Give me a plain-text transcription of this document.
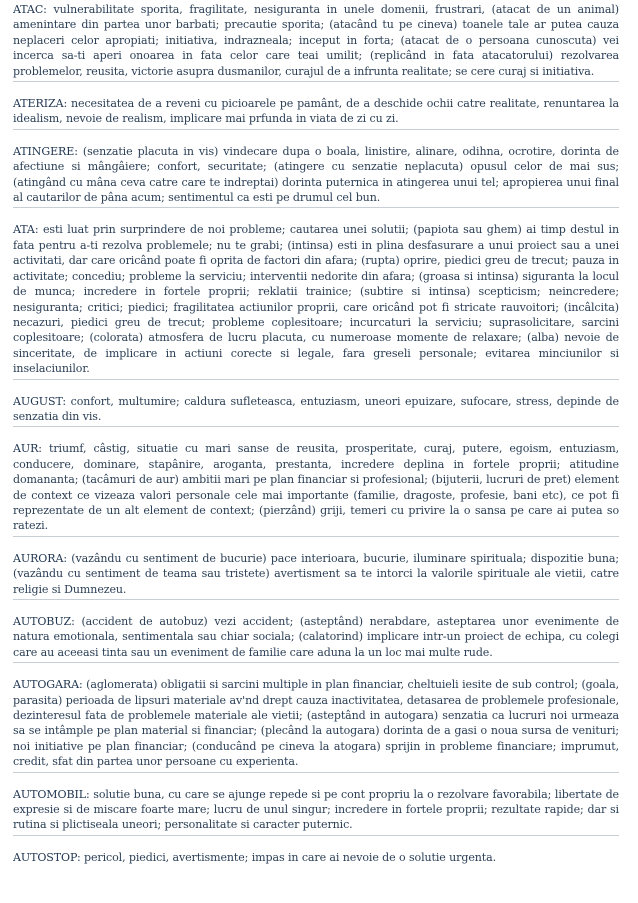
ATAC: vulnerabilitate sporita, fragilitate, nesiguranta in unele domenii, frustrari, (atacat de un animal) amenintare din partea unor barbati; precautie sporita; (atacând tu pe cineva) toanele tale ar putea cauza neplaceri celor apropiati; initiativa, indrazneala; inceput in forta; (atacat de o persoana cunoscuta) vei incerca sa-ti aperi onoarea in fata celor care teai umilit; (replicând in fata atacatorului) rezolvarea problemelor, reusita, victorie asupra dusmanilor, curajul de a infrunta realitate; se cere curaj si initiativa.

ATERIZA: necesitatea de a reveni cu picioarele pe pamânt, de a deschide ochii catre realitate, renuntarea la idealism, nevoie de realism, implicare mai prfunda in viata de zi cu zi.

ATINGERE: (senzatie placuta in vis) vindecare dupa o boala, linistire, alinare, odihna, ocrotire, dorinta de afectiune si mângâiere; confort, securitate; (atingere cu senzatie neplacuta) opusul celor de mai sus; (atingând cu mâna ceva catre care te indreptai) dorinta puternica in atingerea unui tel; apropierea unui final al cautarilor de pâna acum; sentimentul ca esti pe drumul cel bun.

ATA: esti luat prin surprindere de noi probleme; cautarea unei solutii; (papiota sau ghem) ai timp destul in fata pentru a-ti rezolva problemele; nu te grabi; (intinsa) esti in plina desfasurare a unui proiect sau a unei activitati, dar care oricând poate fi oprita de factori din afara; (rupta) oprire, piedici greu de trecut; pauza in activitate; concediu; probleme la serviciu; interventii nedorite din afara; (groasa si intinsa) siguranta la locul de munca; incredere in fortele proprii; reklatii trainice; (subtire si intinsa) scepticism; neincredere; nesiguranta; critici; piedici; fragilitatea actiunilor proprii, care oricând pot fi stricate rauvoitori; (incâlcita) necazuri, piedici greu de trecut; probleme coplesitoare; incurcaturi la serviciu; suprasolicitare, sarcini coplesitoare; (colorata) atmosfera de lucru placuta, cu numeroase momente de relaxare; (alba) nevoie de sinceritate, de implicare in actiuni corecte si legale, fara greseli personale; evitarea minciunilor si inselaciunilor.

AUGUST: confort, multumire; caldura sufleteasca, entuziasm, uneori epuizare, sufocare, stress, depinde de senzatia din vis.

AUR: triumf, câstig, situatie cu mari sanse de reusita, prosperitate, curaj, putere, egoism, entuziasm, conducere, dominare, stapânire, aroganta, prestanta, incredere deplina in fortele proprii; atitudine domananta; (tacâmuri de aur) ambitii mari pe plan financiar si profesional; (bijuterii, lucruri de pret) element de context ce vizeaza valori personale cele mai importante (familie, dragoste, profesie, bani etc), ce pot fi reprezentate de un alt element de context; (pierzând) griji, temeri cu privire la o sansa pe care ai putea so ratezi.

AURORA: (vazându cu sentiment de bucurie) pace interioara, bucurie, iluminare spirituala; dispozitie buna; (vazându cu sentiment de teama sau tristete) avertisment sa te intorci la valorile spirituale ale vietii, catre religie si Dumnezeu.

AUTOBUZ: (accident de autobuz) vezi accident; (asteptând) nerabdare, asteptarea unor evenimente de natura emotionala, sentimentala sau chiar sociala; (calatorind) implicare intr-un proiect de echipa, cu colegi care au aceeasi tinta sau un eveniment de familie care aduna la un loc mai multe rude.

AUTOGARA: (aglomerata) obligatii si sarcini multiple in plan financiar, cheltuieli iesite de sub control; (goala, parasita) perioada de lipsuri materiale av'nd drept cauza inactivitatea, detasarea de problemele profesionale, dezinteresul fata de problemele materiale ale vietii; (asteptând in autogara) senzatia ca lucruri noi urmeaza sa se intâmple pe plan material si financiar; (plecând la autogara) dorinta de a gasi o noua sursa de venituri; noi initiative pe plan financiar; (conducând pe cineva la atogara) sprijin in probleme financiare; imprumut, credit, sfat din partea unor persoane cu experienta.

AUTOMOBIL: solutie buna, cu care se ajunge repede si pe cont propriu la o rezolvare favorabila; libertate de expresie si de miscare foarte mare; lucru de unul singur; incredere in fortele proprii; rezultate rapide; dar si rutina si plictiseala uneori; personalitate si caracter puternic.

AUTOSTOP: pericol, piedici, avertismente; impas in care ai nevoie de o solutie urgenta.
